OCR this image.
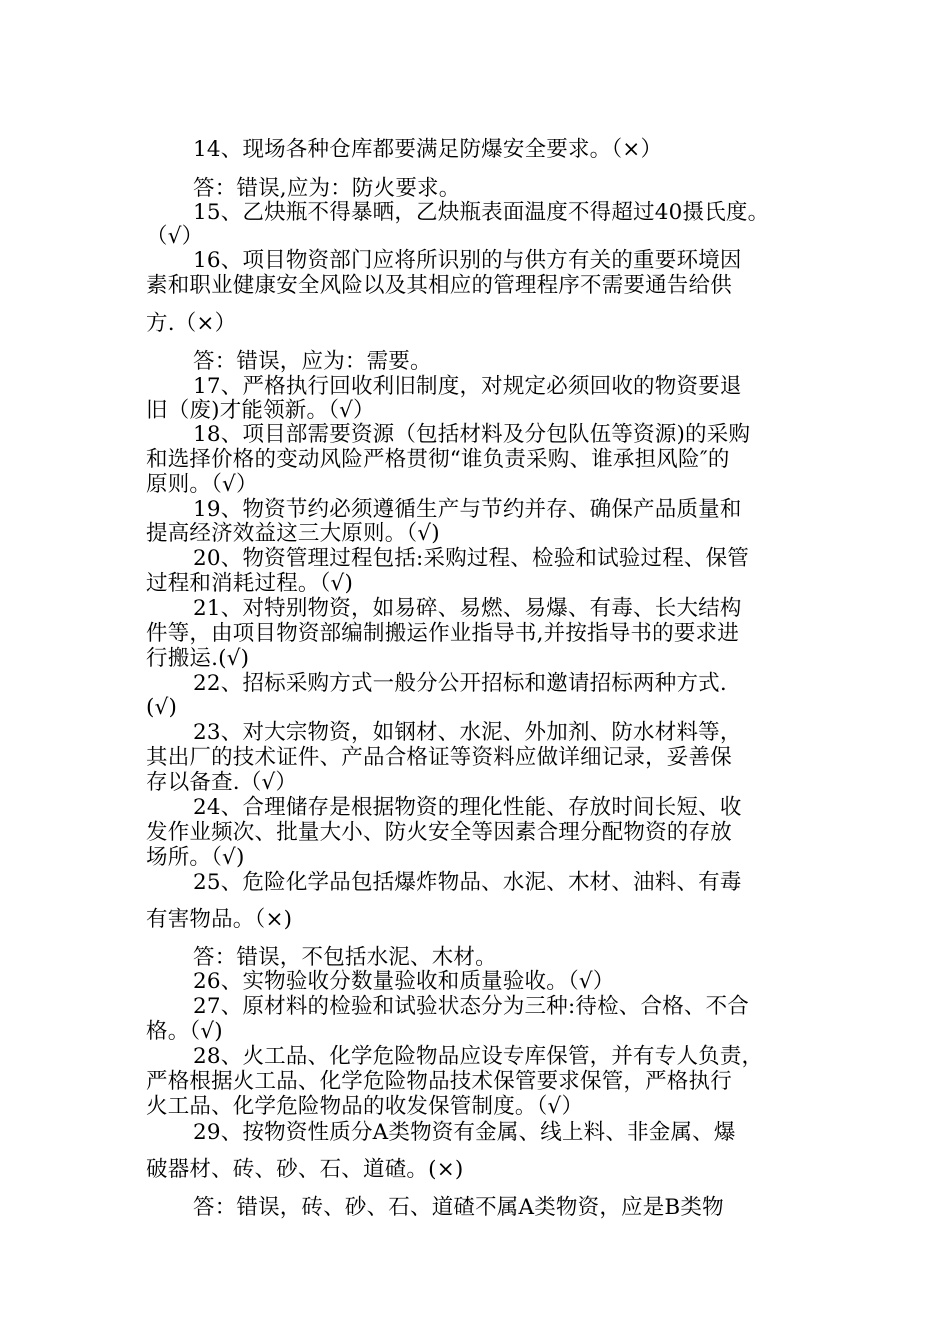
14、现场各种仓库都要满足防爆安全要求。（×）

答：错误,应为：防火要求。

15、乙炔瓶不得暴晒，乙炔瓶表面温度不得超过40摄氏度。

（√）

16、项目物资部门应将所识别的与供方有关的重要环境因

素和职业健康安全风险以及其相应的管理程序不需要通告给供

方.（×）

答：错误，应为：需要。

17、严格执行回收利旧制度，对规定必须回收的物资要退

旧（废)才能领新。（√）

18、项目部需要资源（包括材料及分包队伍等资源)的采购

和选择价格的变动风险严格贯彻“谁负责采购、谁承担风险″的

原则。（√）

19、物资节约必须遵循生产与节约并存、确保产品质量和

提高经济效益这三大原则。（√)

20、物资管理过程包括:采购过程、检验和试验过程、保管

过程和消耗过程。（√)

21、对特别物资，如易碎、易燃、易爆、有毒、长大结构

件等，由项目物资部编制搬运作业指导书,并按指导书的要求进

行搬运.(√)

22、招标采购方式一般分公开招标和邀请招标两种方式.

(√)

23、对大宗物资，如钢材、水泥、外加剂、防水材料等，

其出厂的技术证件、产品合格证等资料应做详细记录，妥善保

存以备查.（√）

24、合理储存是根据物资的理化性能、存放时间长短、收

发作业频次、批量大小、防火安全等因素合理分配物资的存放

场所。（√)

25、危险化学品包括爆炸物品、水泥、木材、油料、有毒

有害物品。（×)

答：错误，不包括水泥、木材。

26、实物验收分数量验收和质量验收。（√）

27、原材料的检验和试验状态分为三种:待检、合格、不合

格。（√)

28、火工品、化学危险物品应设专库保管，并有专人负责，

严格根据火工品、化学危险物品技术保管要求保管，严格执行

火工品、化学危险物品的收发保管制度。（√）

29、按物资性质分A类物资有金属、线上料、非金属、爆

破器材、砖、砂、石、道碴。(×)

答：错误，砖、砂、石、道碴不属A类物资，应是B类物
